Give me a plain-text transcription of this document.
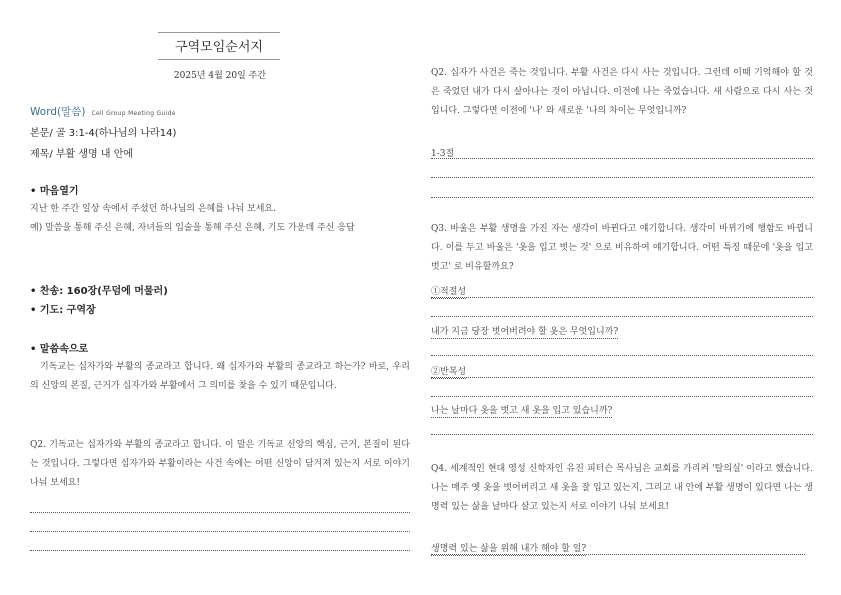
구역모임순서지
2025년 4월 20일 주간
Word(말씀) Cell Group Meeting Guide
본문/ 골 3:1-4(하나님의 나라14)
제목/ 부활 생명 내 안에
• 마음열기
지난 한 주간 일상 속에서 주셨던 하나님의 은혜를 나눠 보세요.
예) 말씀을 통해 주신 은혜, 자녀들의 입술을 통해 주신 은혜, 기도 가운데 주신 응답
• 찬송: 160장(무덤에 머물러)
• 기도: 구역장
• 말씀속으로
기독교는 십자가와 부활의 종교라고 합니다. 왜 십자가와 부활의 종교라고 하는가? 바로, 우리의 신앙의 본질, 근거가 십자가와 부활에서 그 의미를 찾을 수 있기 때문입니다.
Q2. 기독교는 십자가와 부활의 종교라고 합니다. 이 말은 기독교 신앙의 핵심, 근거, 본질이 된다는 것입니다. 그렇다면 십자가와 부활이라는 사건 속에는 어떤 신앙이 담겨져 있는지 서로 이야기 나눠 보세요!
Q2. 십자가 사건은 죽는 것입니다. 부활 사건은 다시 사는 것입니다. 그런데 이때 기억해야 할 것은 죽었던 내가 다시 살아나는 것이 아닙니다. 이전에 나는 죽었습니다. 새 사람으로 다시 사는 것입니다. 그렇다면 이전에 '나' 와 새로운 '나의 차이는 무엇입니까?
1-3절
Q3. 바울은 부활 생명을 가진 자는 생각이 바뀐다고 얘기합니다. 생각이 바뀌기에 행함도 바뀝니다. 이를 두고 바울은 '옷을 입고 벗는 것' 으로 비유하여 얘기합니다. 어떤 특징 때문에 '옷을 입고 벗고' 로 비유할까요?
①적절성
내가 지금 당장 벗어버려야 할 옷은 무엇입니까?
②반복성
나는 날마다 옷을 벗고 새 옷을 입고 있습니까?
Q4. 세계적인 현대 영성 신학자인 유진 피터슨 목사님은 교회를 가리켜 '탈의실' 이라고 했습니다. 나는 매주 옛 옷을 벗어버리고 새 옷을 잘 입고 있는지, 그리고 내 안에 부활 생명이 있다면 나는 생명력 있는 삶을 날마다 살고 있는지 서로 이야기 나눠 보세요!
생명력 있는 삶을 위해 내가 해야 할 일?
